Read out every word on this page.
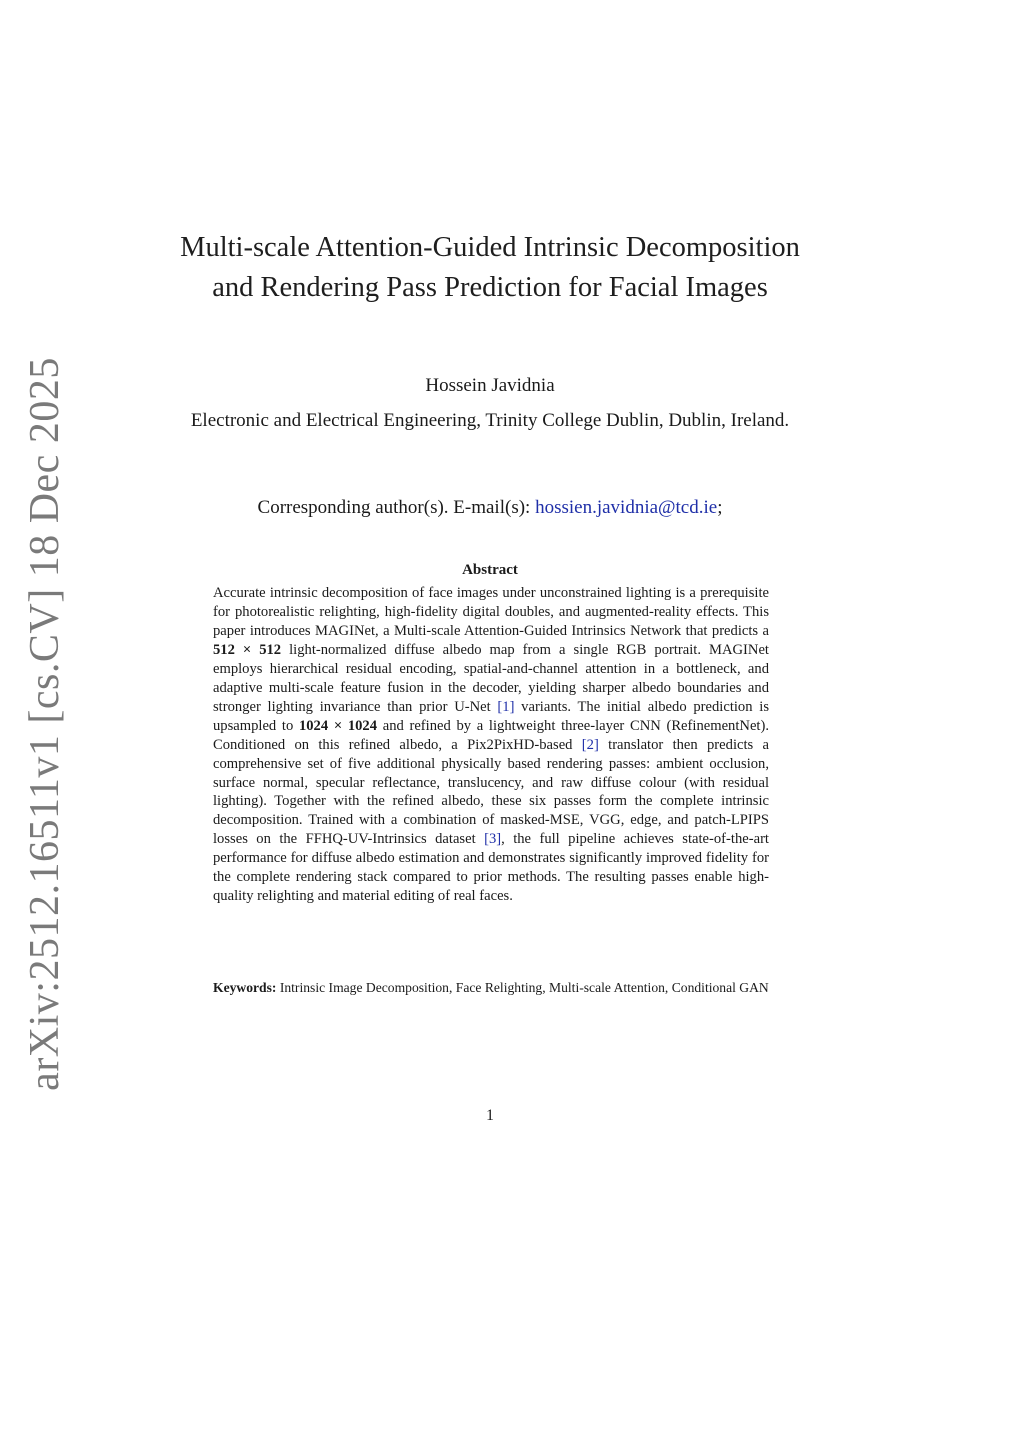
arXiv:2512.16511v1 [cs.CV] 18 Dec 2025
Multi-scale Attention-Guided Intrinsic Decomposition and Rendering Pass Prediction for Facial Images
Hossein Javidnia
Electronic and Electrical Engineering, Trinity College Dublin, Dublin, Ireland.
Corresponding author(s). E-mail(s): hossien.javidnia@tcd.ie;
Abstract
Accurate intrinsic decomposition of face images under unconstrained lighting is a prerequisite for photorealistic relighting, high-fidelity digital doubles, and augmented-reality effects. This paper introduces MAGINet, a Multi-scale Attention-Guided Intrinsics Network that predicts a 512 × 512 light-normalized diffuse albedo map from a single RGB portrait. MAGINet employs hierarchical residual encoding, spatial-and-channel attention in a bottleneck, and adaptive multi-scale feature fusion in the decoder, yielding sharper albedo boundaries and stronger lighting invariance than prior U-Net [1] variants. The initial albedo prediction is upsampled to 1024 × 1024 and refined by a lightweight three-layer CNN (RefinementNet). Conditioned on this refined albedo, a Pix2PixHD-based [2] translator then predicts a comprehensive set of five additional physically based rendering passes: ambient occlusion, surface normal, specular reflectance, translucency, and raw diffuse colour (with residual lighting). Together with the refined albedo, these six passes form the complete intrinsic decomposition. Trained with a combination of masked-MSE, VGG, edge, and patch-LPIPS losses on the FFHQ-UV-Intrinsics dataset [3], the full pipeline achieves state-of-the-art performance for diffuse albedo estimation and demonstrates significantly improved fidelity for the complete rendering stack compared to prior methods. The resulting passes enable high-quality relighting and material editing of real faces.
Keywords: Intrinsic Image Decomposition, Face Relighting, Multi-scale Attention, Conditional GAN
1
